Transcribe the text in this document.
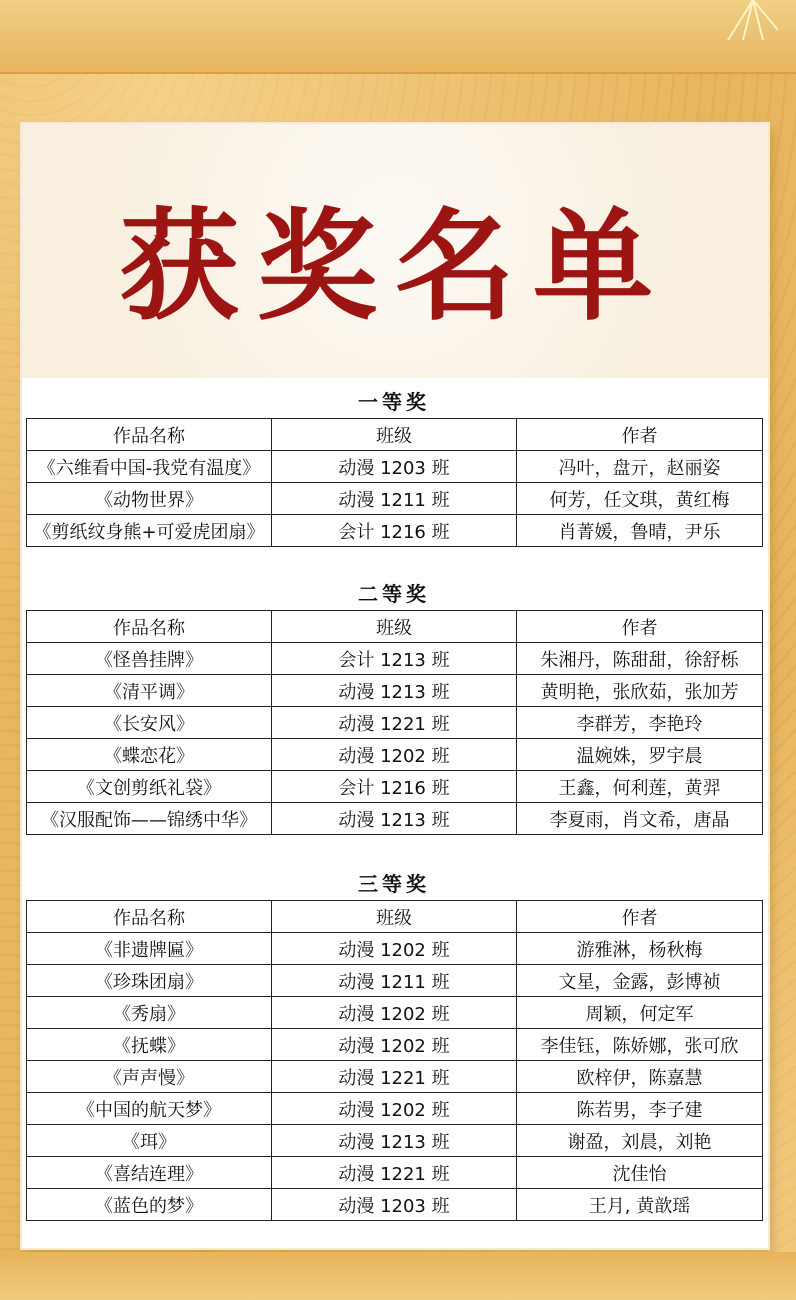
获奖名单
一等奖
作品名称	班级	作者
《六维看中国-我党有温度》	动漫 1203 班	冯叶，盘亓，赵丽姿
《动物世界》	动漫 1211 班	何芳，任文琪，黄红梅
《剪纸纹身熊+可爱虎团扇》	会计 1216 班	肖菁媛，鲁晴，尹乐
二等奖
作品名称	班级	作者
《怪兽挂牌》	会计 1213 班	朱湘丹，陈甜甜，徐舒栎
《清平调》	动漫 1213 班	黄明艳，张欣茹，张加芳
《长安风》	动漫 1221 班	李群芳，李艳玲
《蝶恋花》	动漫 1202 班	温婉姝，罗宇晨
《文创剪纸礼袋》	会计 1216 班	王鑫，何利莲，黄羿
《汉服配饰——锦绣中华》	动漫 1213 班	李夏雨，肖文希，唐晶
三等奖
作品名称	班级	作者
《非遗牌匾》	动漫 1202 班	游雅淋，杨秋梅
《珍珠团扇》	动漫 1211 班	文星，金露，彭博祯
《秀扇》	动漫 1202 班	周颖，何定军
《抚蝶》	动漫 1202 班	李佳钰，陈娇娜，张可欣
《声声慢》	动漫 1221 班	欧梓伊，陈嘉慧
《中国的航天梦》	动漫 1202 班	陈若男，李子建
《珥》	动漫 1213 班	谢盈，刘晨，刘艳
《喜结连理》	动漫 1221 班	沈佳怡
《蓝色的梦》	动漫 1203 班	王月, 黄歆瑶
